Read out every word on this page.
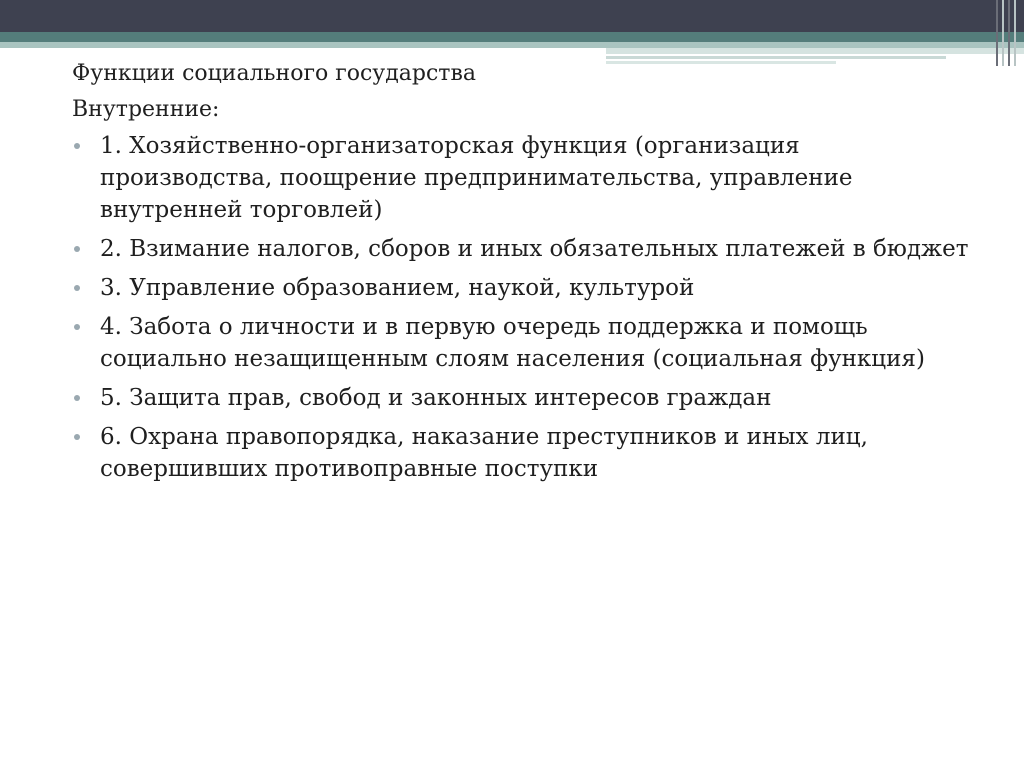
Функции социального государства

Внутренние:

1. Хозяйственно-организаторская функция (организация производства, поощрение предпринимательства, управление внутренней торговлей)
2. Взимание налогов, сборов и иных обязательных платежей в бюджет
3. Управление образованием, наукой, культурой
4. Забота о личности и в первую очередь поддержка и помощь социально незащищенным слоям населения (социальная функция)
5. Защита прав, свобод и законных интересов граждан
6. Охрана правопорядка, наказание преступников и иных лиц, совершивших противоправные поступки
